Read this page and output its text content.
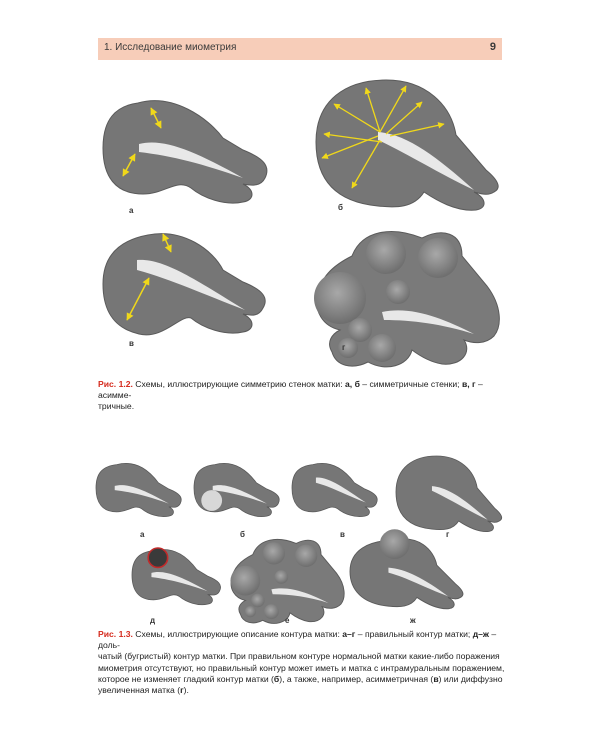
1. Исследование миометрия	9
а	б
в	г
а	б	в	г
д	е	ж
Рис. 1.2. Схемы, иллюстрирующие симметрию стенок матки: а, б – симметричные стенки; в, г – асимме-
тричные.
Рис. 1.3. Схемы, иллюстрирующие описание контура матки: а–г – правильный контур матки; д–ж – доль-
чатый (бугристый) контур матки. При правильном контуре нормальной матки какие-либо поражения
миометрия отсутствуют, но правильный контур может иметь и матка с интрамуральным поражением,
которое не изменяет гладкий контур матки (б), а также, например, асимметричная (в) или диффузно
увеличенная матка (г).
